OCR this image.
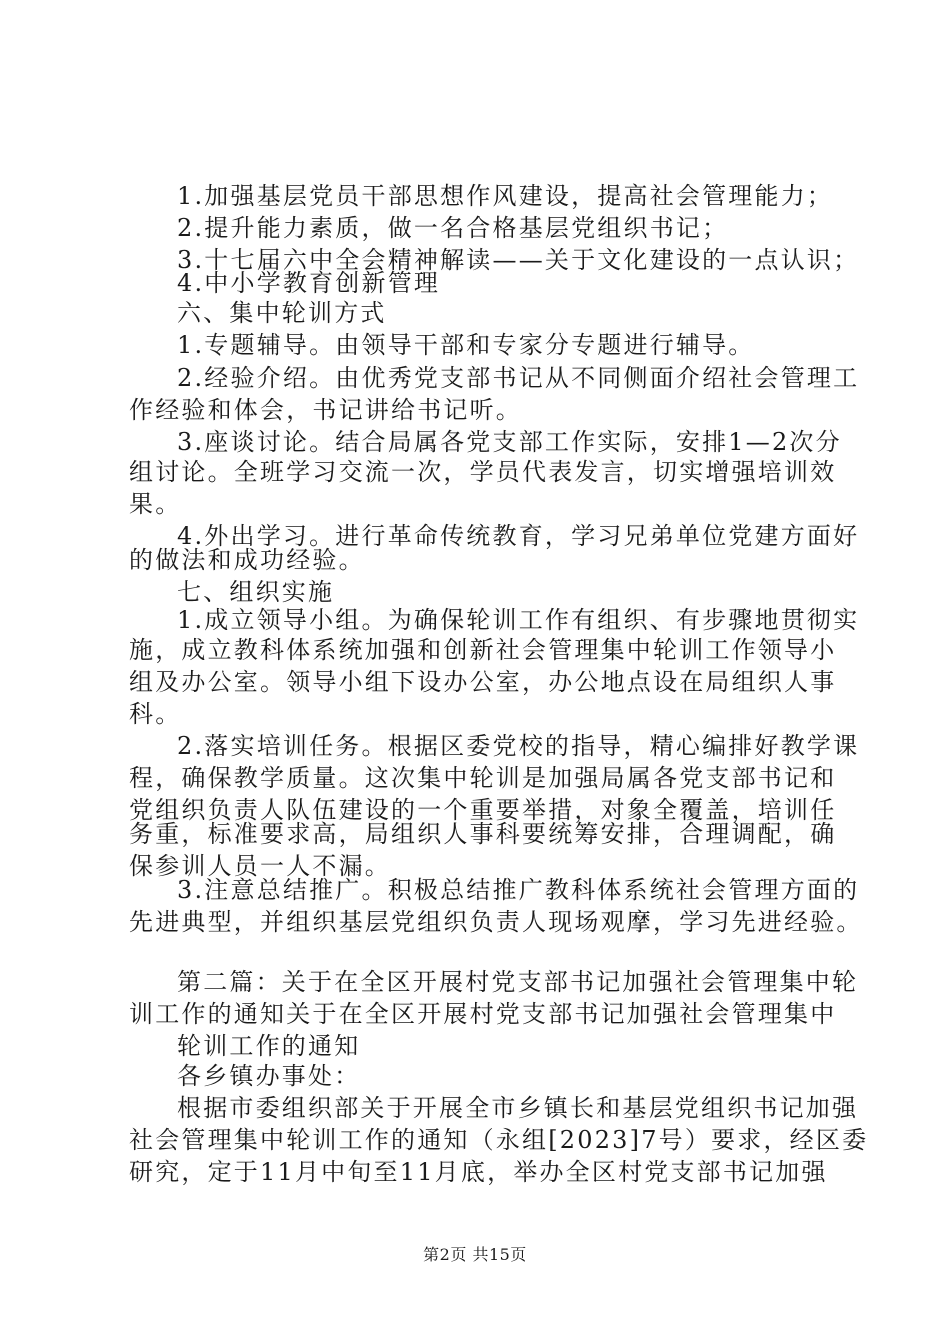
1.加强基层党员干部思想作风建设，提高社会管理能力；
2.提升能力素质，做一名合格基层党组织书记；
3.十七届六中全会精神解读——关于文化建设的一点认识；
4.中小学教育创新管理
六、集中轮训方式
1.专题辅导。由领导干部和专家分专题进行辅导。
2.经验介绍。由优秀党支部书记从不同侧面介绍社会管理工
作经验和体会，书记讲给书记听。
3.座谈讨论。结合局属各党支部工作实际，安排1—2次分
组讨论。全班学习交流一次，学员代表发言，切实增强培训效
果。
4.外出学习。进行革命传统教育，学习兄弟单位党建方面好
的做法和成功经验。
七、组织实施
1.成立领导小组。为确保轮训工作有组织、有步骤地贯彻实
施，成立教科体系统加强和创新社会管理集中轮训工作领导小
组及办公室。领导小组下设办公室，办公地点设在局组织人事
科。
2.落实培训任务。根据区委党校的指导，精心编排好教学课
程，确保教学质量。这次集中轮训是加强局属各党支部书记和
党组织负责人队伍建设的一个重要举措，对象全覆盖，培训任
务重，标准要求高，局组织人事科要统筹安排，合理调配，确
保参训人员一人不漏。
3.注意总结推广。积极总结推广教科体系统社会管理方面的
先进典型，并组织基层党组织负责人现场观摩，学习先进经验。
第二篇：关于在全区开展村党支部书记加强社会管理集中轮
训工作的通知关于在全区开展村党支部书记加强社会管理集中
轮训工作的通知
各乡镇办事处：
根据市委组织部关于开展全市乡镇长和基层党组织书记加强
社会管理集中轮训工作的通知（永组[2023]7号）要求，经区委
研究，定于11月中旬至11月底，举办全区村党支部书记加强
第2页 共15页
